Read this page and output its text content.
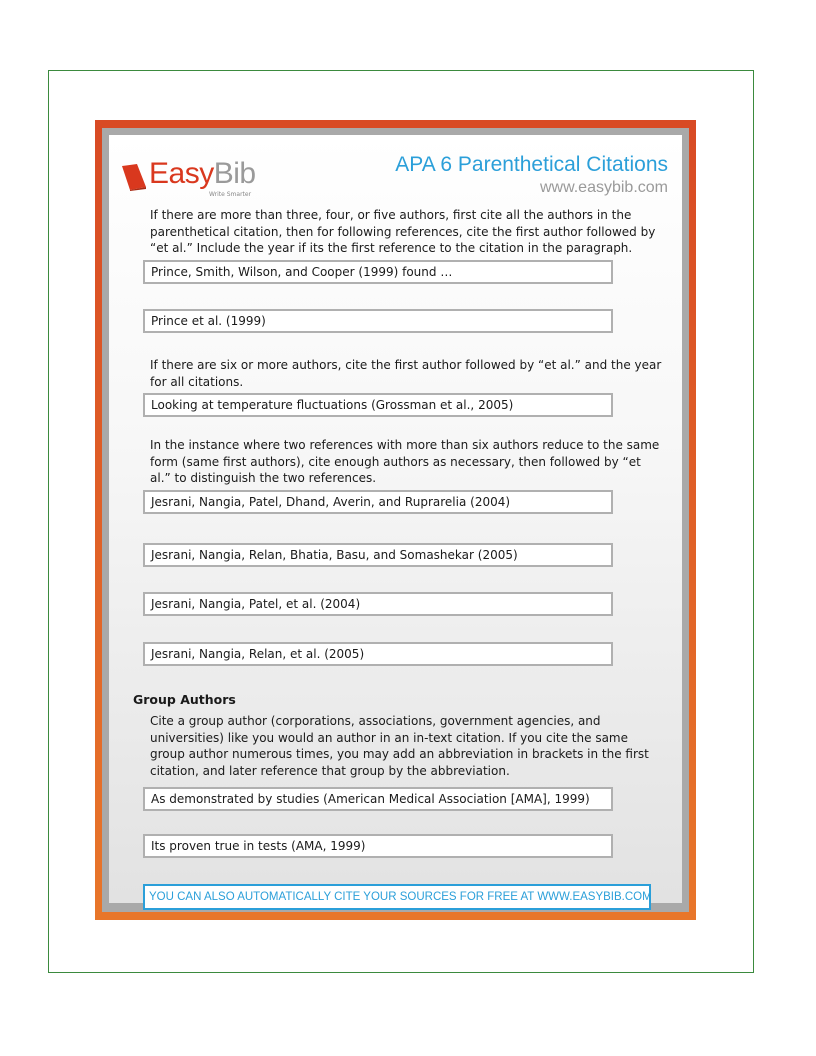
EasyBib
Write Smarter
APA 6 Parenthetical Citations
www.easybib.com
If there are more than three, four, or five authors, first cite all the authors in the parenthetical citation, then for following references, cite the first author followed by “et al.” Include the year if its the first reference to the citation in the paragraph.
Prince, Smith, Wilson, and Cooper (1999) found …
Prince et al. (1999)
If there are six or more authors, cite the first author followed by “et al.” and the year for all citations.
Looking at temperature fluctuations (Grossman et al., 2005)
In the instance where two references with more than six authors reduce to the same form (same first authors), cite enough authors as necessary, then followed by “et al.” to distinguish the two references.
Jesrani, Nangia, Patel, Dhand, Averin, and Ruprarelia (2004)
Jesrani, Nangia, Relan, Bhatia, Basu, and Somashekar (2005)
Jesrani, Nangia, Patel, et al. (2004)
Jesrani, Nangia, Relan, et al. (2005)
Group Authors
Cite a group author (corporations, associations, government agencies, and universities) like you would an author in an in-text citation. If you cite the same group author numerous times, you may add an abbreviation in brackets in the first citation, and later reference that group by the abbreviation.
As demonstrated by studies (American Medical Association [AMA], 1999)
Its proven true in tests (AMA, 1999)
YOU CAN ALSO AUTOMATICALLY CITE YOUR SOURCES FOR FREE AT WWW.EASYBIB.COM
